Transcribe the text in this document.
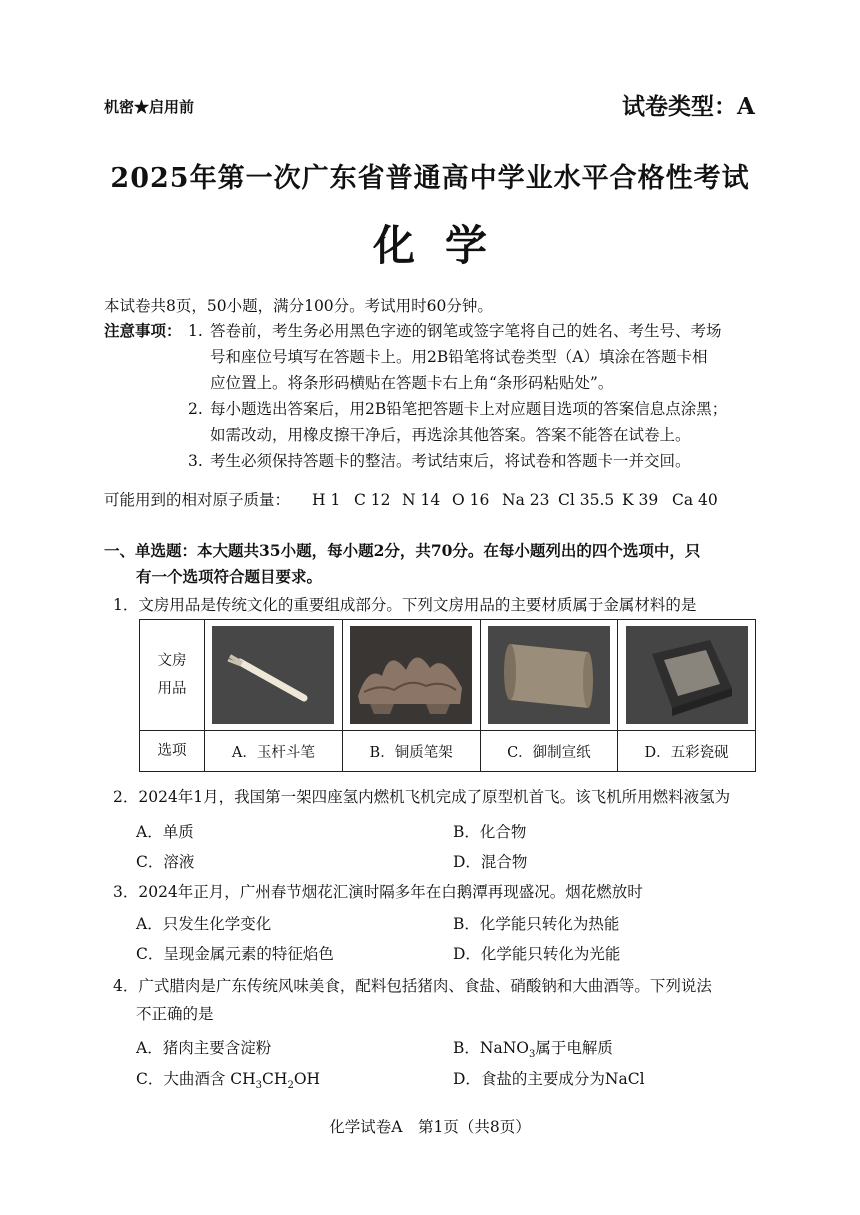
机密★启用前	试卷类型：A
2025年第一次广东省普通高中学业水平合格性考试
化学
本试卷共8页，50小题，满分100分。考试用时60分钟。
注意事项： 1. 答卷前，考生务必用黑色字迹的钢笔或签字笔将自己的姓名、考生号、考场
号和座位号填写在答题卡上。用2B铅笔将试卷类型（A）填涂在答题卡相
应位置上。将条形码横贴在答题卡右上角“条形码粘贴处”。
2. 每小题选出答案后，用2B铅笔把答题卡上对应题目选项的答案信息点涂黑；
如需改动，用橡皮擦干净后，再选涂其他答案。答案不能答在试卷上。
3. 考生必须保持答题卡的整洁。考试结束后，将试卷和答题卡一并交回。
可能用到的相对原子质量： H 1 C 12 N 14 O 16 Na 23 Cl 35.5 K 39 Ca 40
一、单选题：本大题共35小题，每小题2分，共70分。在每小题列出的四个选项中，只
有一个选项符合题目要求。
1．文房用品是传统文化的重要组成部分。下列文房用品的主要材质属于金属材料的是
文房
用品

选项	A．玉杆斗笔	B．铜质笔架	C．御制宣纸	D．五彩瓷砚
2．2024年1月，我国第一架四座氢内燃机飞机完成了原型机首飞。该飞机所用燃料液氢为
A．单质	B．化合物
C．溶液	D．混合物
3．2024年正月，广州春节烟花汇演时隔多年在白鹅潭再现盛况。烟花燃放时
A．只发生化学变化	B．化学能只转化为热能
C．呈现金属元素的特征焰色	D．化学能只转化为光能
4．广式腊肉是广东传统风味美食，配料包括猪肉、食盐、硝酸钠和大曲酒等。下列说法
不正确的是
A．猪肉主要含淀粉	B．NaNO$_3$属于电解质
C．大曲酒含 $CH_3CH_2OH$	D．食盐的主要成分为NaCl
化学试卷A　第1页（共8页）
